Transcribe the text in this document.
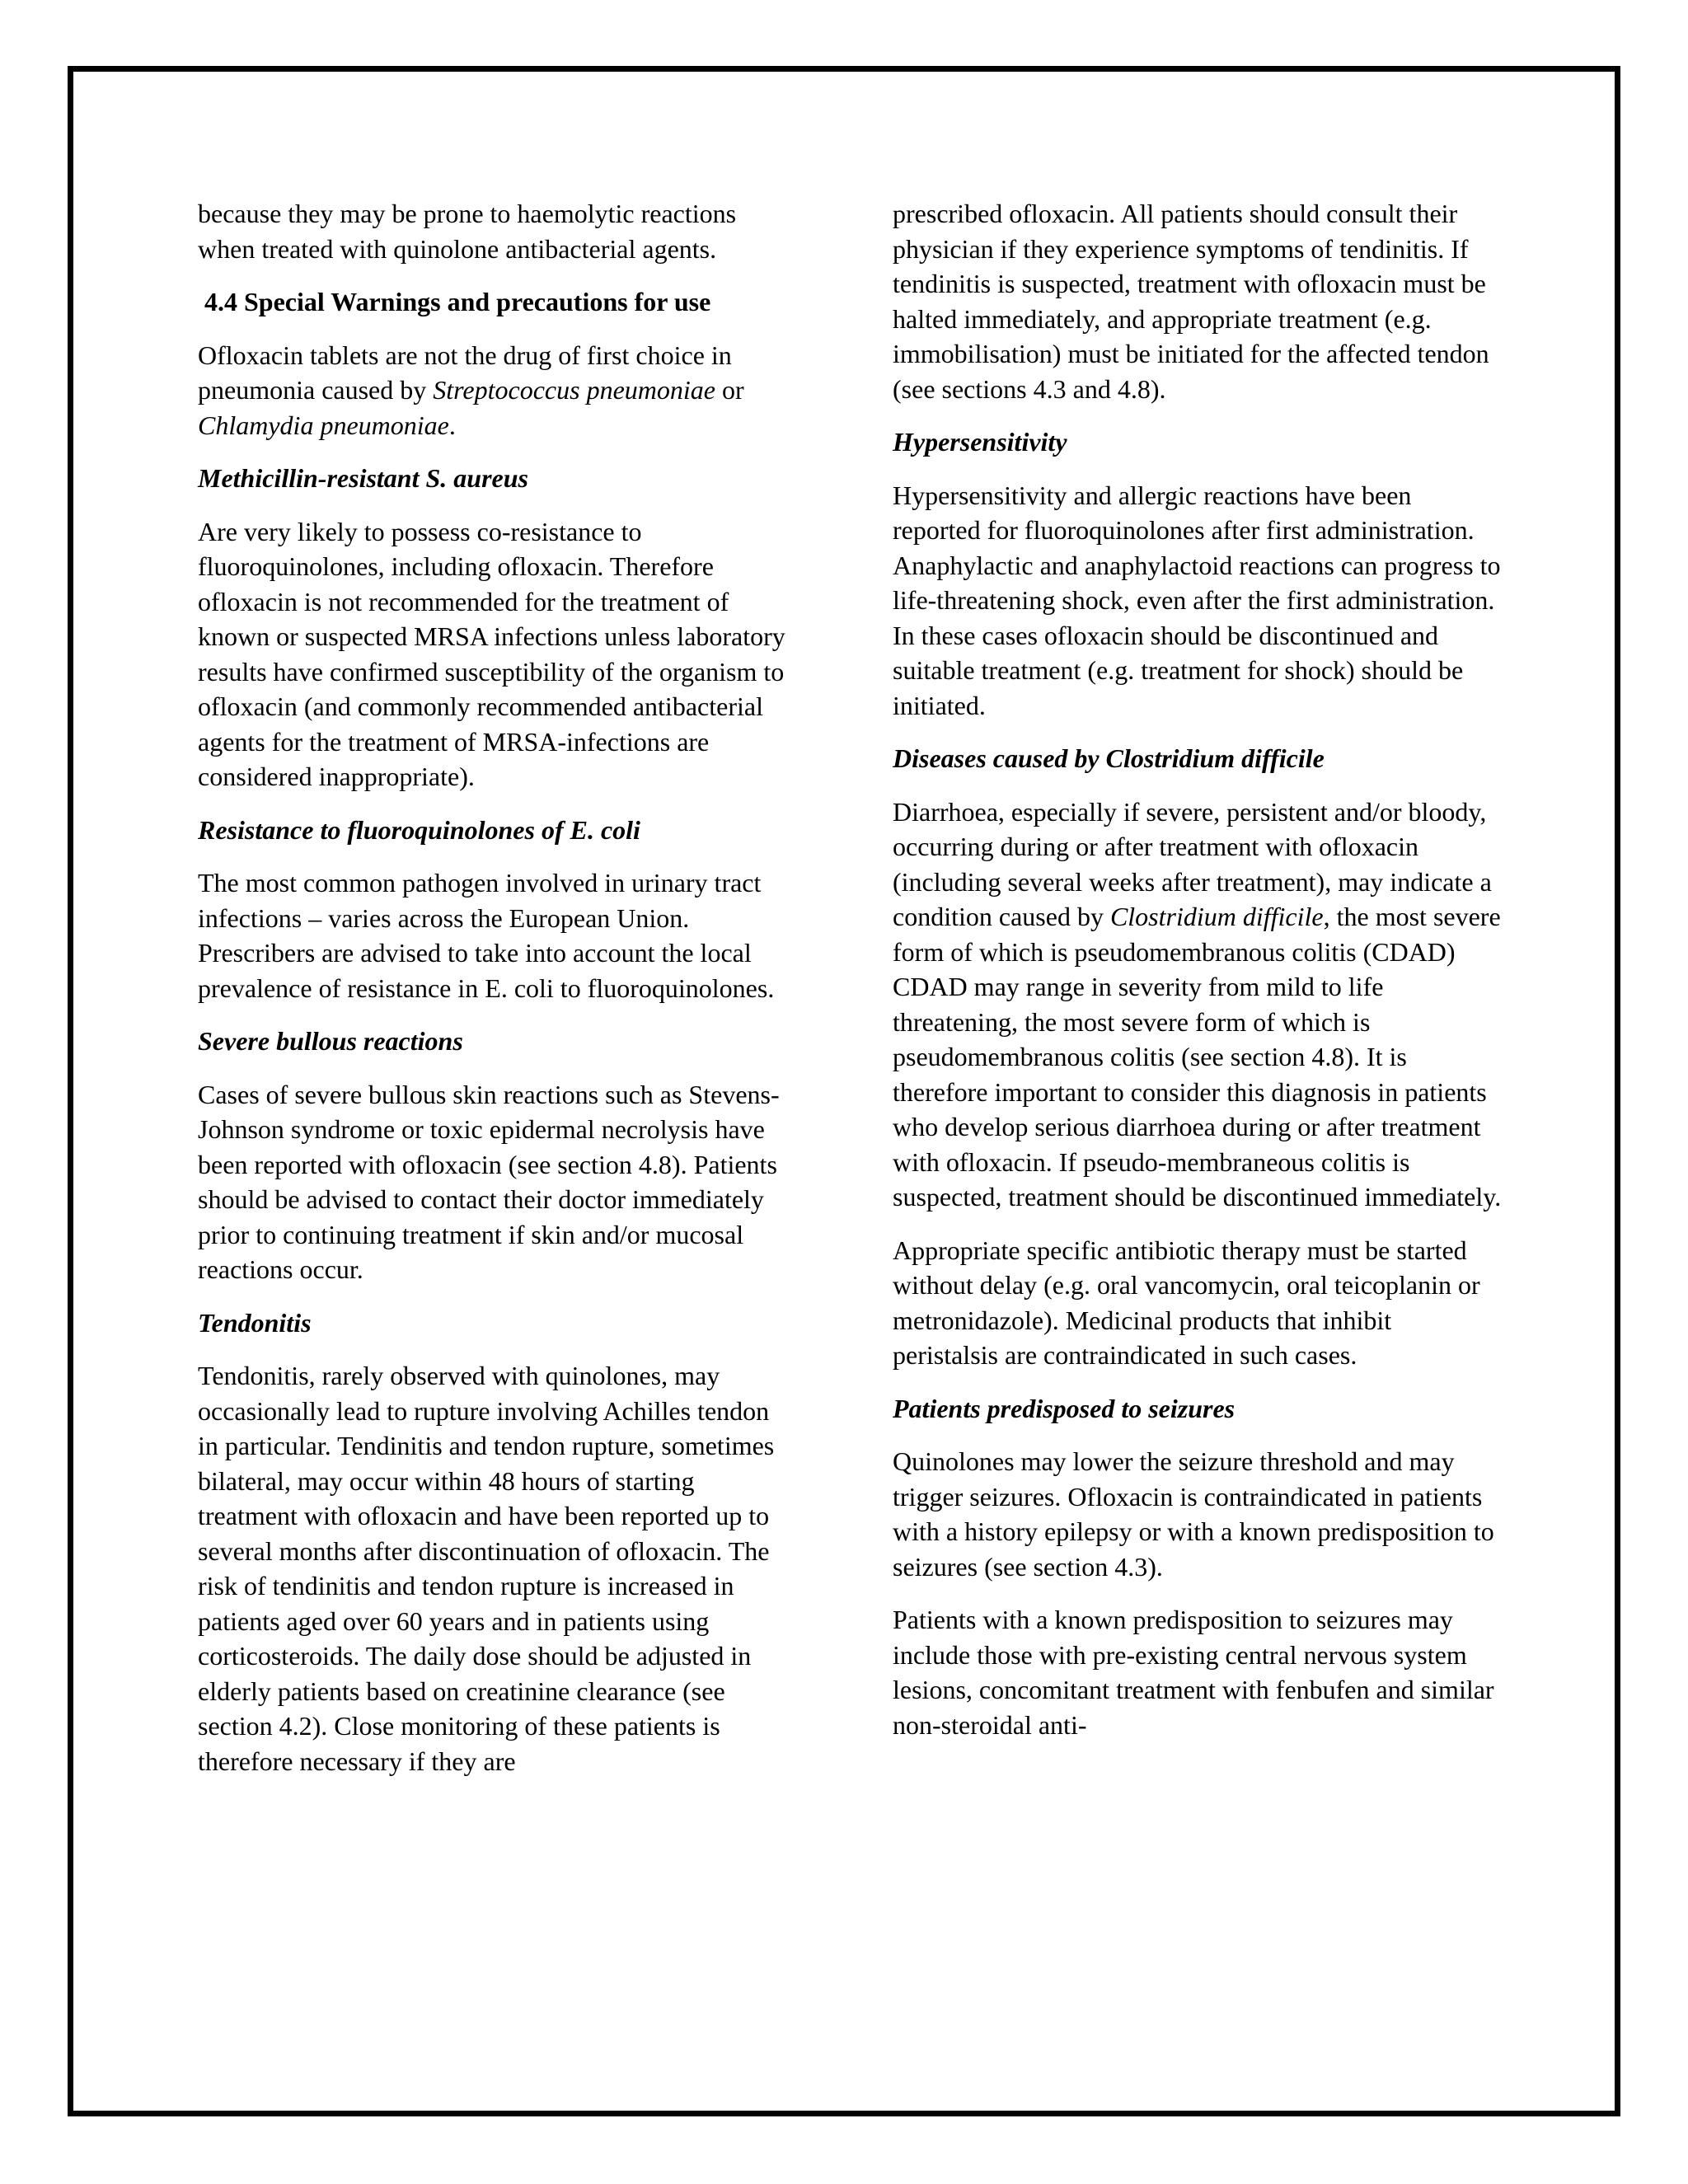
because they may be prone to haemolytic reactions when treated with quinolone antibacterial agents.

4.4 Special Warnings and precautions for use

Ofloxacin tablets are not the drug of first choice in pneumonia caused by Streptococcus pneumoniae or Chlamydia pneumoniae.

Methicillin-resistant S. aureus

Are very likely to possess co-resistance to fluoroquinolones, including ofloxacin. Therefore ofloxacin is not recommended for the treatment of known or suspected MRSA infections unless laboratory results have confirmed susceptibility of the organism to ofloxacin (and commonly recommended antibacterial agents for the treatment of MRSA-infections are considered inappropriate).

Resistance to fluoroquinolones of E. coli

The most common pathogen involved in urinary tract infections – varies across the European Union. Prescribers are advised to take into account the local prevalence of resistance in E. coli to fluoroquinolones.

Severe bullous reactions

Cases of severe bullous skin reactions such as Stevens-Johnson syndrome or toxic epidermal necrolysis have been reported with ofloxacin (see section 4.8). Patients should be advised to contact their doctor immediately prior to continuing treatment if skin and/or mucosal reactions occur.

Tendonitis

Tendonitis, rarely observed with quinolones, may occasionally lead to rupture involving Achilles tendon in particular. Tendinitis and tendon rupture, sometimes bilateral, may occur within 48 hours of starting treatment with ofloxacin and have been reported up to several months after discontinuation of ofloxacin. The risk of tendinitis and tendon rupture is increased in patients aged over 60 years and in patients using corticosteroids. The daily dose should be adjusted in elderly patients based on creatinine clearance (see section 4.2). Close monitoring of these patients is therefore necessary if they are

prescribed ofloxacin. All patients should consult their physician if they experience symptoms of tendinitis. If tendinitis is suspected, treatment with ofloxacin must be halted immediately, and appropriate treatment (e.g. immobilisation) must be initiated for the affected tendon (see sections 4.3 and 4.8).

Hypersensitivity

Hypersensitivity and allergic reactions have been reported for fluoroquinolones after first administration. Anaphylactic and anaphylactoid reactions can progress to life-threatening shock, even after the first administration. In these cases ofloxacin should be discontinued and suitable treatment (e.g. treatment for shock) should be initiated.

Diseases caused by Clostridium difficile

Diarrhoea, especially if severe, persistent and/or bloody, occurring during or after treatment with ofloxacin (including several weeks after treatment), may indicate a condition caused by Clostridium difficile, the most severe form of which is pseudomembranous colitis (CDAD) CDAD may range in severity from mild to life threatening, the most severe form of which is pseudomembranous colitis (see section 4.8). It is therefore important to consider this diagnosis in patients who develop serious diarrhoea during or after treatment with ofloxacin. If pseudo-membraneous colitis is suspected, treatment should be discontinued immediately.

Appropriate specific antibiotic therapy must be started without delay (e.g. oral vancomycin, oral teicoplanin or metronidazole). Medicinal products that inhibit peristalsis are contraindicated in such cases.

Patients predisposed to seizures

Quinolones may lower the seizure threshold and may trigger seizures. Ofloxacin is contraindicated in patients with a history epilepsy or with a known predisposition to seizures (see section 4.3).

Patients with a known predisposition to seizures may include those with pre-existing central nervous system lesions, concomitant treatment with fenbufen and similar non-steroidal anti-
